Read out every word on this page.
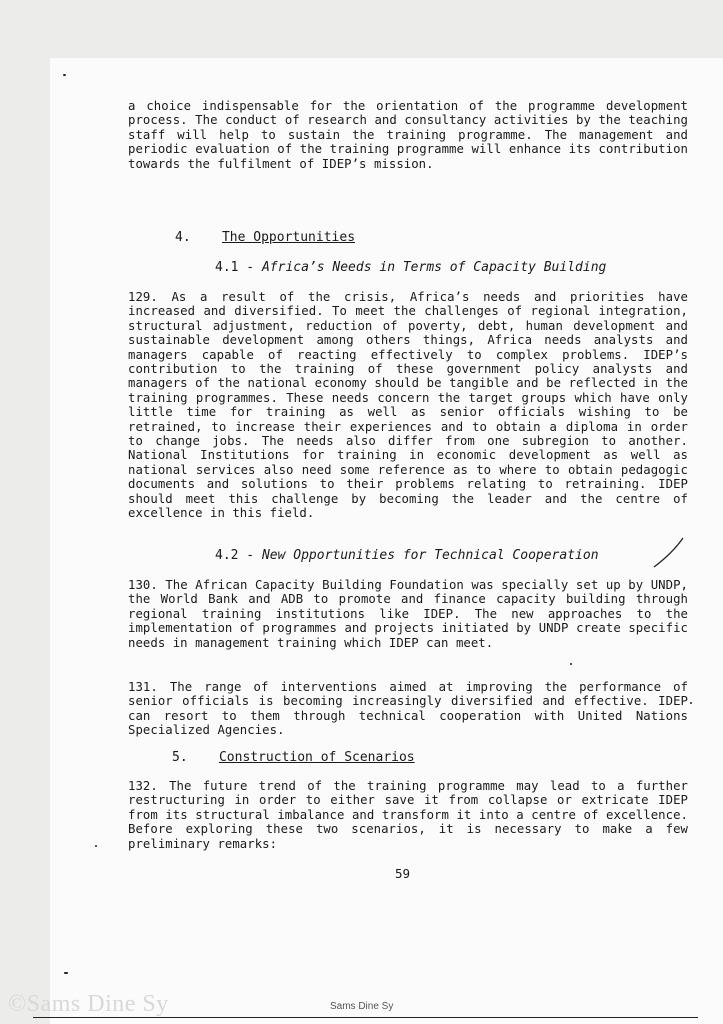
a choice indispensable for the orientation of the programme development process. The conduct of research and consultancy activities by the teaching staff will help to sustain the training programme. The management and periodic evaluation of the training programme will enhance its contribution towards the fulfilment of IDEP’s mission.

4. The Opportunities
4.1 - Africa’s Needs in Terms of Capacity Building

129. As a result of the crisis, Africa’s needs and priorities have increased and diversified. To meet the challenges of regional integration, structural adjustment, reduction of poverty, debt, human development and sustainable development among others things, Africa needs analysts and managers capable of reacting effectively to complex problems. IDEP’s contribution to the training of these government policy analysts and managers of the national economy should be tangible and be reflected in the training programmes. These needs concern the target groups which have only little time for training as well as senior officials wishing to be retrained, to increase their experiences and to obtain a diploma in order to change jobs. The needs also differ from one subregion to another. National Institutions for training in economic development as well as national services also need some reference as to where to obtain pedagogic documents and solutions to their problems relating to retraining. IDEP should meet this challenge by becoming the leader and the centre of excellence in this field.

4.2 - New Opportunities for Technical Cooperation

130. The African Capacity Building Foundation was specially set up by UNDP, the World Bank and ADB to promote and finance capacity building through regional training institutions like IDEP. The new approaches to the implementation of programmes and projects initiated by UNDP create specific needs in management training which IDEP can meet.

131. The range of interventions aimed at improving the performance of senior officials is becoming increasingly diversified and effective. IDEP can resort to them through technical cooperation with United Nations Specialized Agencies.

5. Construction of Scenarios

132. The future trend of the training programme may lead to a further restructuring in order to either save it from collapse or extricate IDEP from its structural imbalance and transform it into a centre of excellence. Before exploring these two scenarios, it is necessary to make a few preliminary remarks:

59
©Sams Dine Sy	Sams Dine Sy
